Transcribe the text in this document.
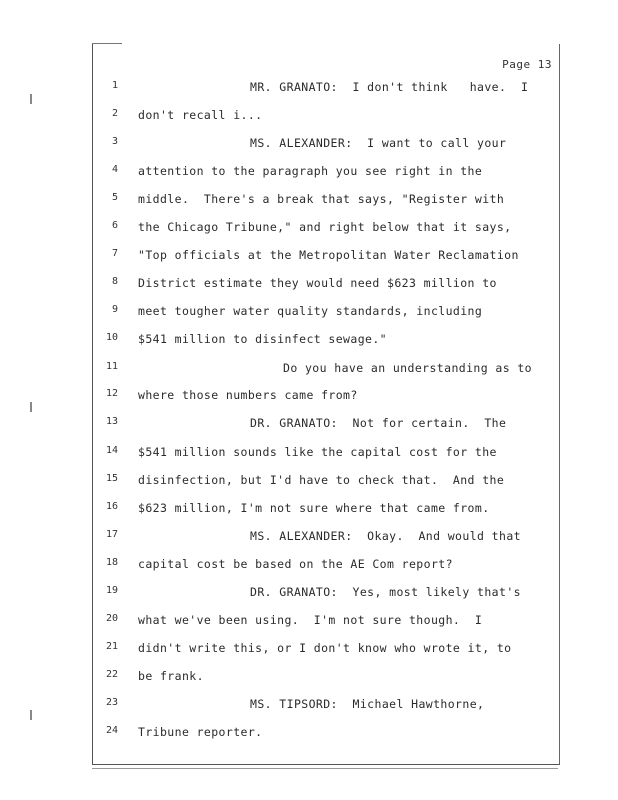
Page 13
1	MR. GRANATO:  I don't think   have.  I
2 don't recall i...
3	MS. ALEXANDER:  I want to call your
4 attention to the paragraph you see right in the
5 middle.  There's a break that says, "Register with
6 the Chicago Tribune," and right below that it says,
7 "Top officials at the Metropolitan Water Reclamation
8 District estimate they would need $623 million to
9 meet tougher water quality standards, including
10 $541 million to disinfect sewage."
11	Do you have an understanding as to
12 where those numbers came from?
13	DR. GRANATO:  Not for certain.  The
14 $541 million sounds like the capital cost for the
15 disinfection, but I'd have to check that.  And the
16 $623 million, I'm not sure where that came from.
17	MS. ALEXANDER:  Okay.  And would that
18 capital cost be based on the AE Com report?
19	DR. GRANATO:  Yes, most likely that's
20 what we've been using.  I'm not sure though.  I
21 didn't write this, or I don't know who wrote it, to
22 be frank.
23	MS. TIPSORD:  Michael Hawthorne,
24 Tribune reporter.
